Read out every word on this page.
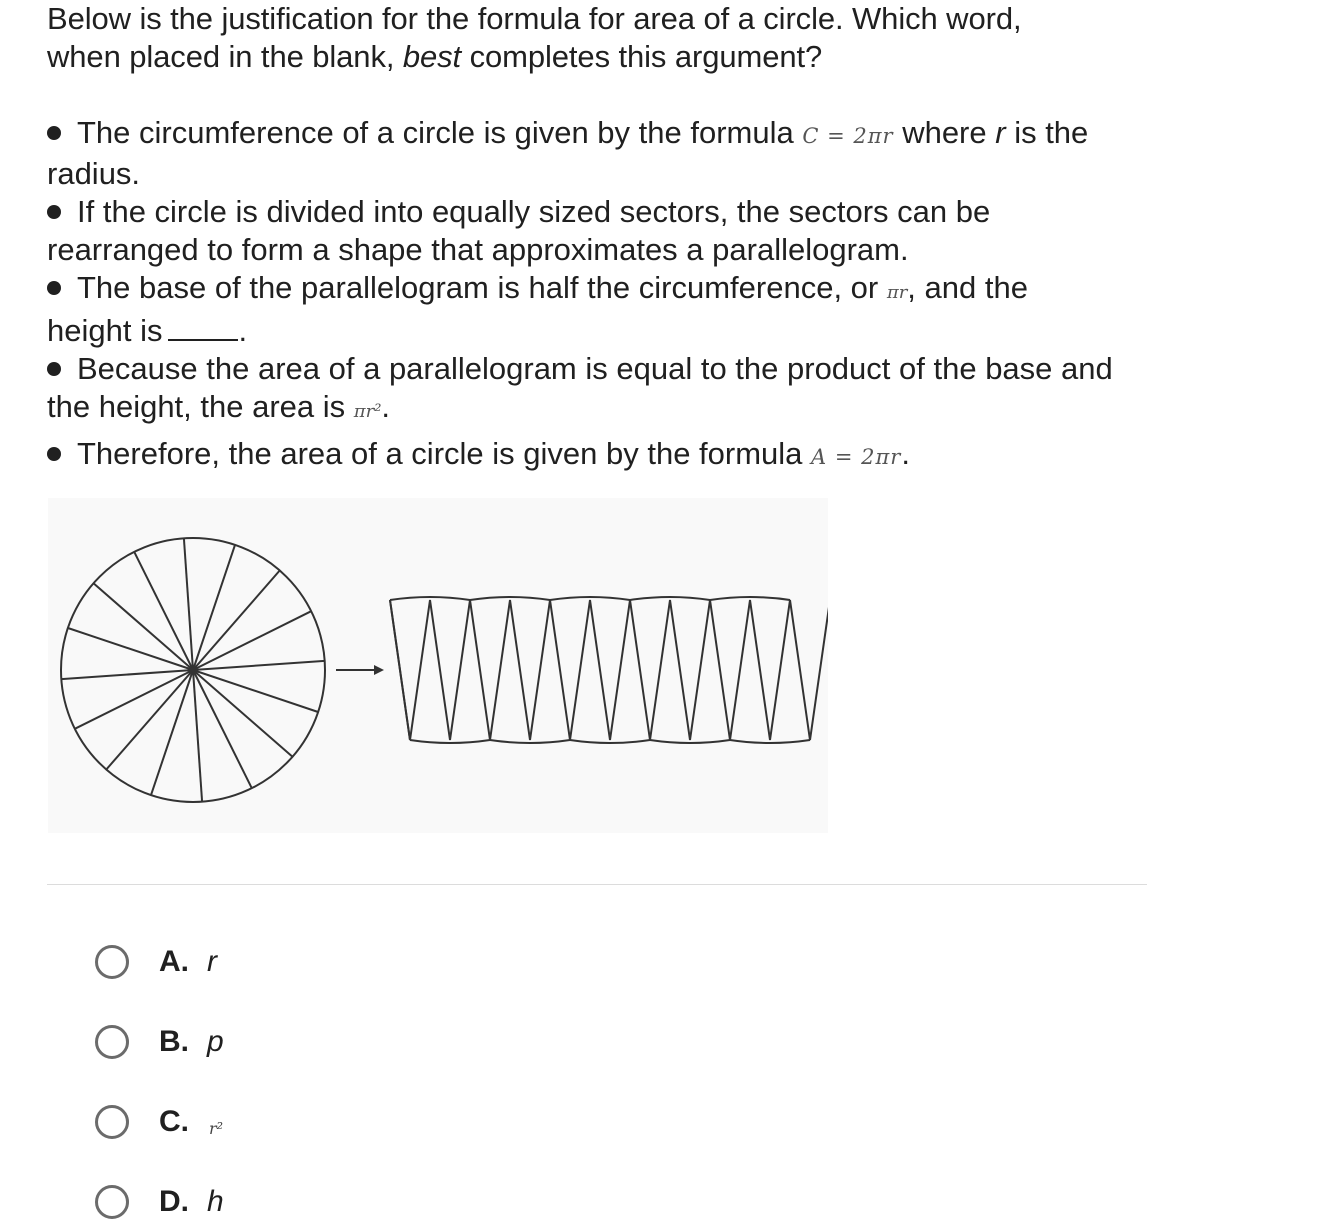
Below is the justification for the formula for area of a circle. Which word,
when placed in the blank, best completes this argument?
The circumference of a circle is given by the formula C = 2πr where r is the
radius.
If the circle is divided into equally sized sectors, the sectors can be
rearranged to form a shape that approximates a parallelogram.
The base of the parallelogram is half the circumference, or πr, and the
height is .
Because the area of a parallelogram is equal to the product of the base and
the height, the area is πr².
Therefore, the area of a circle is given by the formula A = 2πr.
A. r
B. p
C. r²
D. h
